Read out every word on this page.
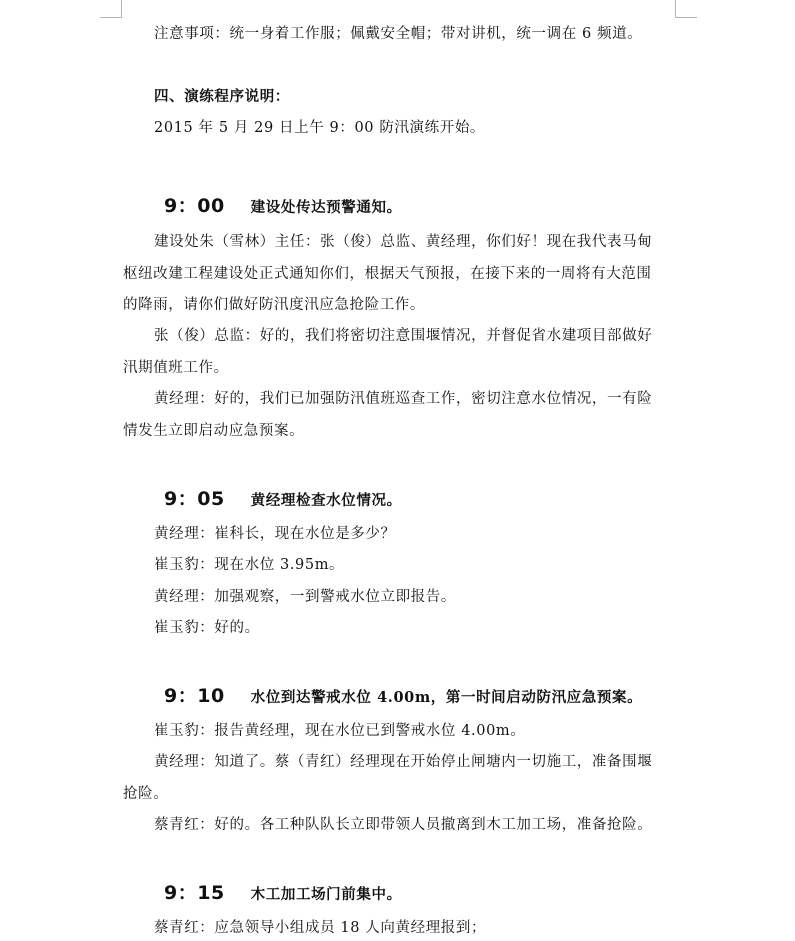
注意事项：统一身着工作服；佩戴安全帽；带对讲机，统一调在 6 频道。
四、演练程序说明：
2015 年 5 月 29 日上午 9：00 防汛演练开始。
9：00 建设处传达预警通知。
建设处朱（雪林）主任：张（俊）总监、黄经理，你们好！现在我代表马甸
枢纽改建工程建设处正式通知你们，根据天气预报，在接下来的一周将有大范围
的降雨，请你们做好防汛度汛应急抢险工作。
张（俊）总监：好的，我们将密切注意围堰情况，并督促省水建项目部做好
汛期值班工作。
黄经理：好的，我们已加强防汛值班巡查工作，密切注意水位情况，一有险
情发生立即启动应急预案。
9：05 黄经理检查水位情况。
黄经理：崔科长，现在水位是多少？
崔玉豹：现在水位 3.95m。
黄经理：加强观察，一到警戒水位立即报告。
崔玉豹：好的。
9：10 水位到达警戒水位 4.00m，第一时间启动防汛应急预案。
崔玉豹：报告黄经理，现在水位已到警戒水位 4.00m。
黄经理：知道了。蔡（青红）经理现在开始停止闸塘内一切施工，准备围堰
抢险。
蔡青红：好的。各工种队队长立即带领人员撤离到木工加工场，准备抢险。
9：15 木工加工场门前集中。
蔡青红：应急领导小组成员 18 人向黄经理报到；
